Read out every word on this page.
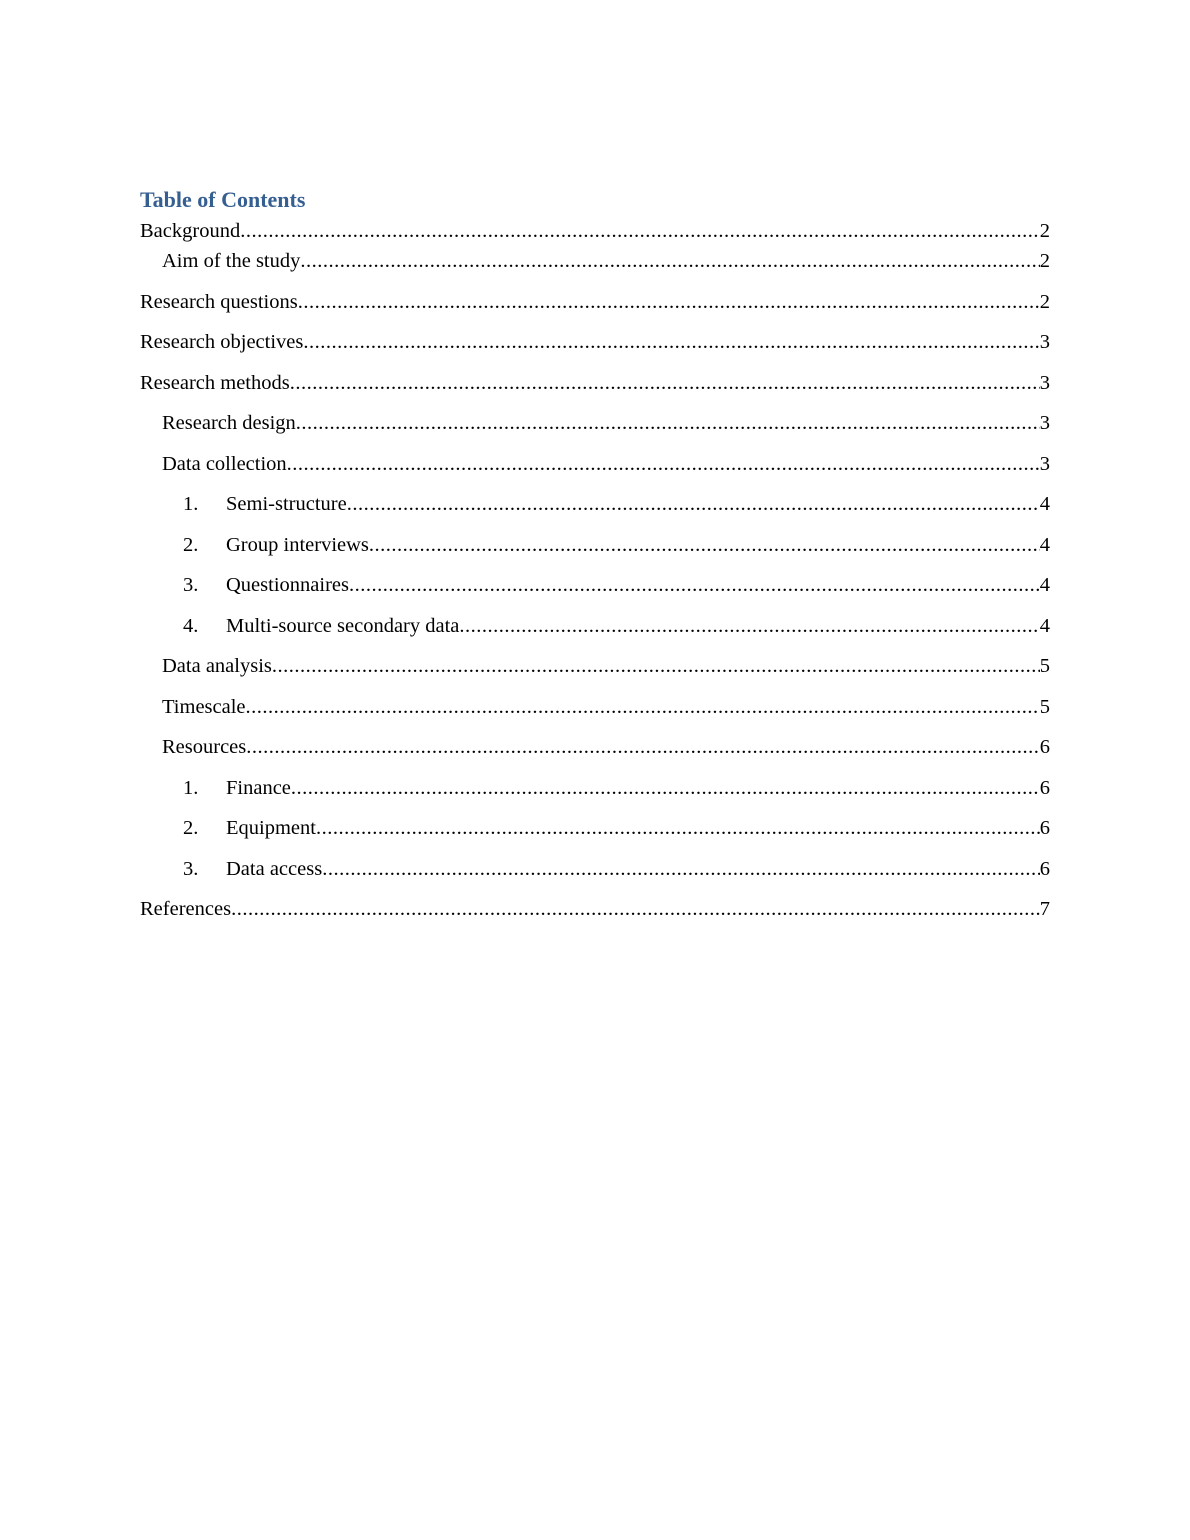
Table of Contents
Background .....	2
Aim of the study .....	2
Research questions .....	2
Research objectives .....	3
Research methods .....	3
Research design .....	3
Data collection .....	3
1.	Semi-structure .....	4
2.	Group interviews .....	4
3.	Questionnaires .....	4
4.	Multi-source secondary data .....	4
Data analysis .....	5
Timescale .....	5
Resources .....	6
1.	Finance .....	6
2.	Equipment .....	6
3.	Data access .....	6
References .....	7
